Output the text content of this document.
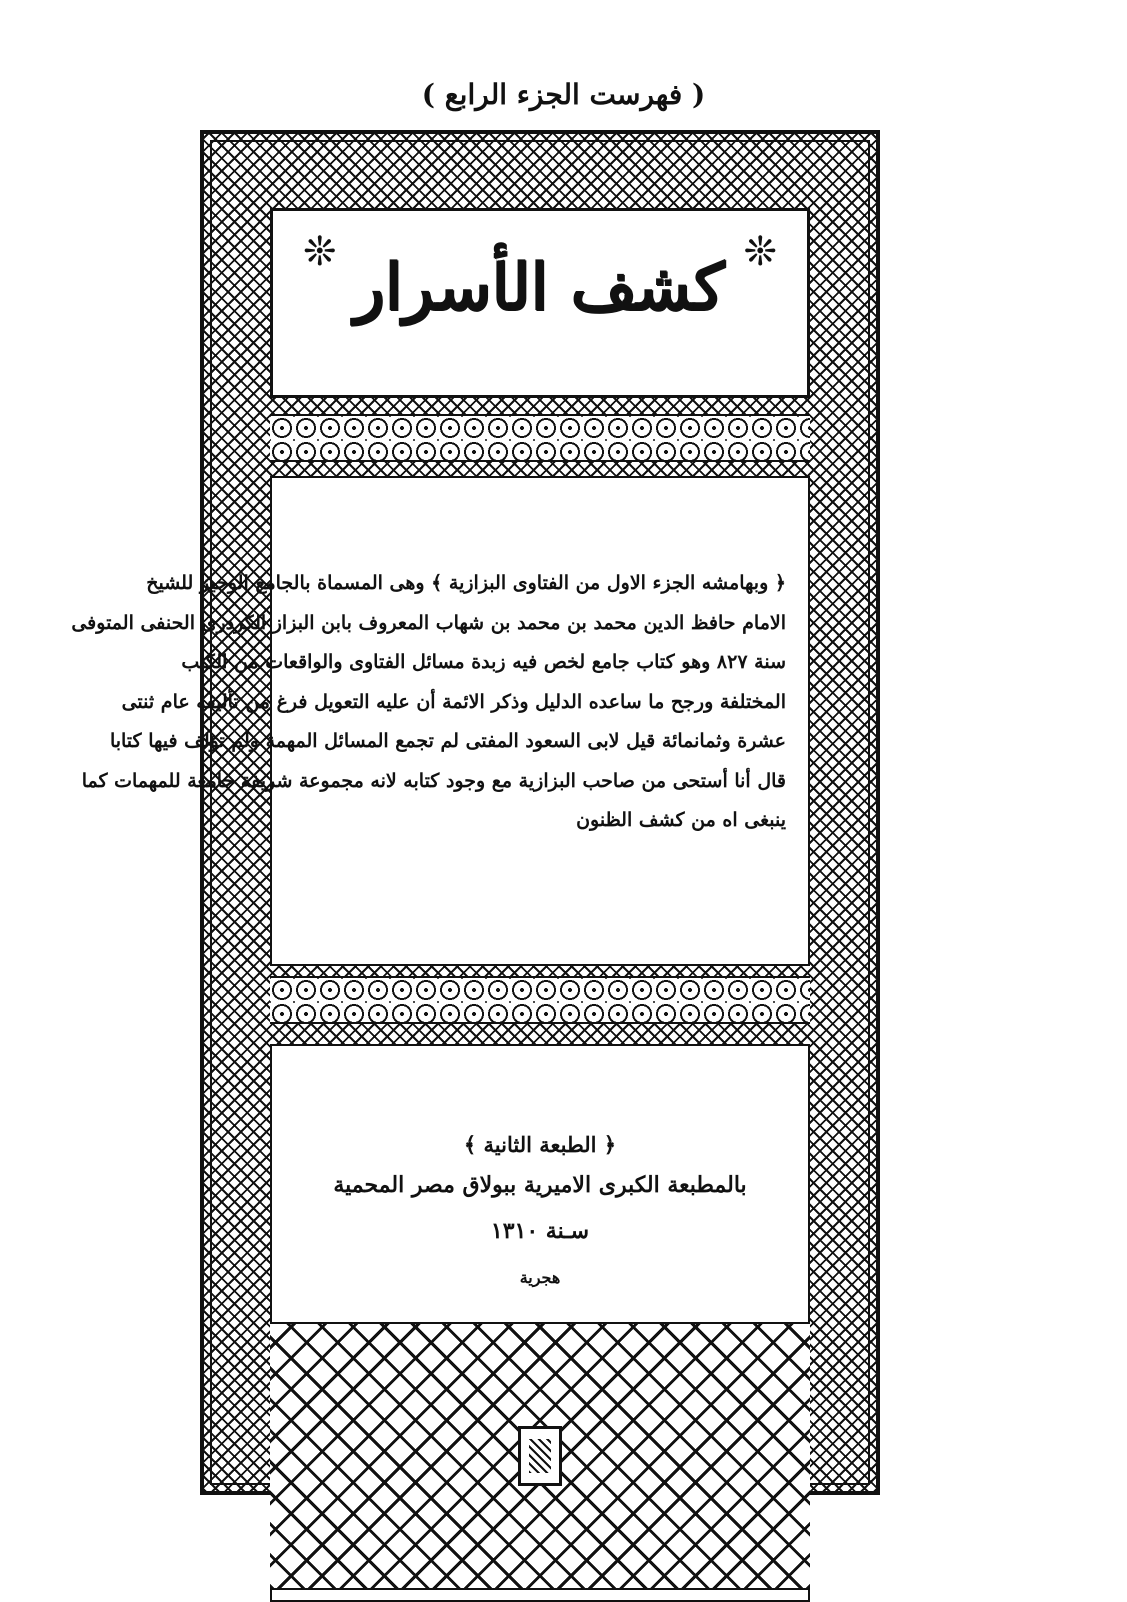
( فهرست الجزء الرابع )
❊
❊ كشف الأسرار
﴿ وبهامشه الجزء الاول من الفتاوى البزازية ﴾ وهى المسماة بالجامع الوجيز للشيخ
الامام حافظ الدين محمد بن محمد بن شهاب المعروف بابن البزاز الكردرى الحنفى المتوفى
سنة ٨٢٧ وهو كتاب جامع لخص فيه زبدة مسائل الفتاوى والواقعات من الكتب
المختلفة ورجح ما ساعده الدليل وذكر الائمة أن عليه التعويل فرغ من تأليفه عام ثنتى
عشرة وثمانمائة قيل لابى السعود المفتى لم تجمع المسائل المهمة ولم تؤلف فيها كتابا
قال أنا أستحى من صاحب البزازية مع وجود كتابه لانه مجموعة شريفة جامعة للمهمات كما
ينبغى اه من كشف الظنون
﴿ الطبعة الثانية ﴾
بالمطبعة الكبرى الاميرية ببولاق مصر المحمية
سـنة ١٣١٠
هجرية
